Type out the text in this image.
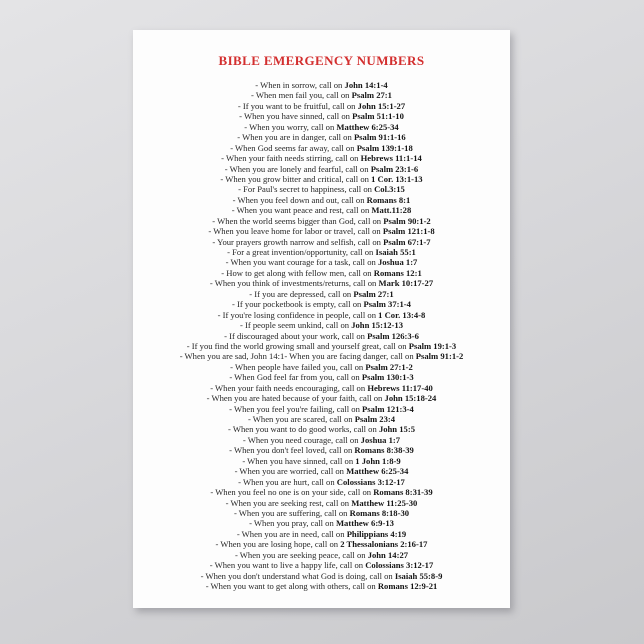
BIBLE EMERGENCY NUMBERS
- When in sorrow, call on John 14:1-4
- When men fail you, call on Psalm 27:1
- If you want to be fruitful, call on John 15:1-27
- When you have sinned, call on Psalm 51:1-10
- When you worry, call on Matthew 6:25-34
- When you are in danger, call on Psalm 91:1-16
- When God seems far away, call on Psalm 139:1-18
- When your faith needs stirring, call on Hebrews 11:1-14
- When you are lonely and fearful, call on Psalm 23:1-6
- When you grow bitter and critical, call on 1 Cor. 13:1-13
- For Paul's secret to happiness, call on Col.3:15
- When you feel down and out, call on Romans 8:1
- When you want peace and rest, call on Matt.11:28
- When the world seems bigger than God, call on Psalm 90:1-2
- When you leave home for labor or travel, call on Psalm 121:1-8
- Your prayers growth narrow and selfish, call on Psalm 67:1-7
- For a great invention/opportunity, call on Isaiah 55:1
- When you want courage for a task, call on Joshua 1:7
- How to get along with fellow men, call on Romans 12:1
- When you think of investments/returns, call on Mark 10:17-27
- If you are depressed, call on Psalm 27:1
- If your pocketbook is empty, call on Psalm 37:1-4
- If you're losing confidence in people, call on 1 Cor. 13:4-8
- If people seem unkind, call on John 15:12-13
- If discouraged about your work, call on Psalm 126:3-6
- If you find the world growing small and yourself great, call on Psalm 19:1-3
- When you are sad, John 14:1- When you are facing danger, call on Psalm 91:1-2
- When people have failed you, call on Psalm 27:1-2
- When God feel far from you, call on Psalm 130:1-3
- When your faith needs encouraging, call on Hebrews 11:17-40
- When you are hated because of your faith, call on John 15:18-24
- When you feel you're failing, call on Psalm 121:3-4
- When you are scared, call on Psalm 23:4
- When you want to do good works, call on John 15:5
- When you need courage, call on Joshua 1:7
- When you don't feel loved, call on Romans 8:38-39
- When you have sinned, call on 1 John 1:8-9
- When you are worried, call on Matthew 6:25-34
- When you are hurt, call on Colossians 3:12-17
- When you feel no one is on your side, call on Romans 8:31-39
- When you are seeking rest, call on Matthew 11:25-30
- When you are suffering, call on Romans 8:18-30
- When you pray, call on Matthew 6:9-13
- When you are in need, call on Philippians 4:19
- When you are losing hope, call on 2 Thessalonians 2:16-17
- When you are seeking peace, call on John 14:27
- When you want to live a happy life, call on Colossians 3:12-17
- When you don't understand what God is doing, call on Isaiah 55:8-9
- When you want to get along with others, call on Romans 12:9-21
